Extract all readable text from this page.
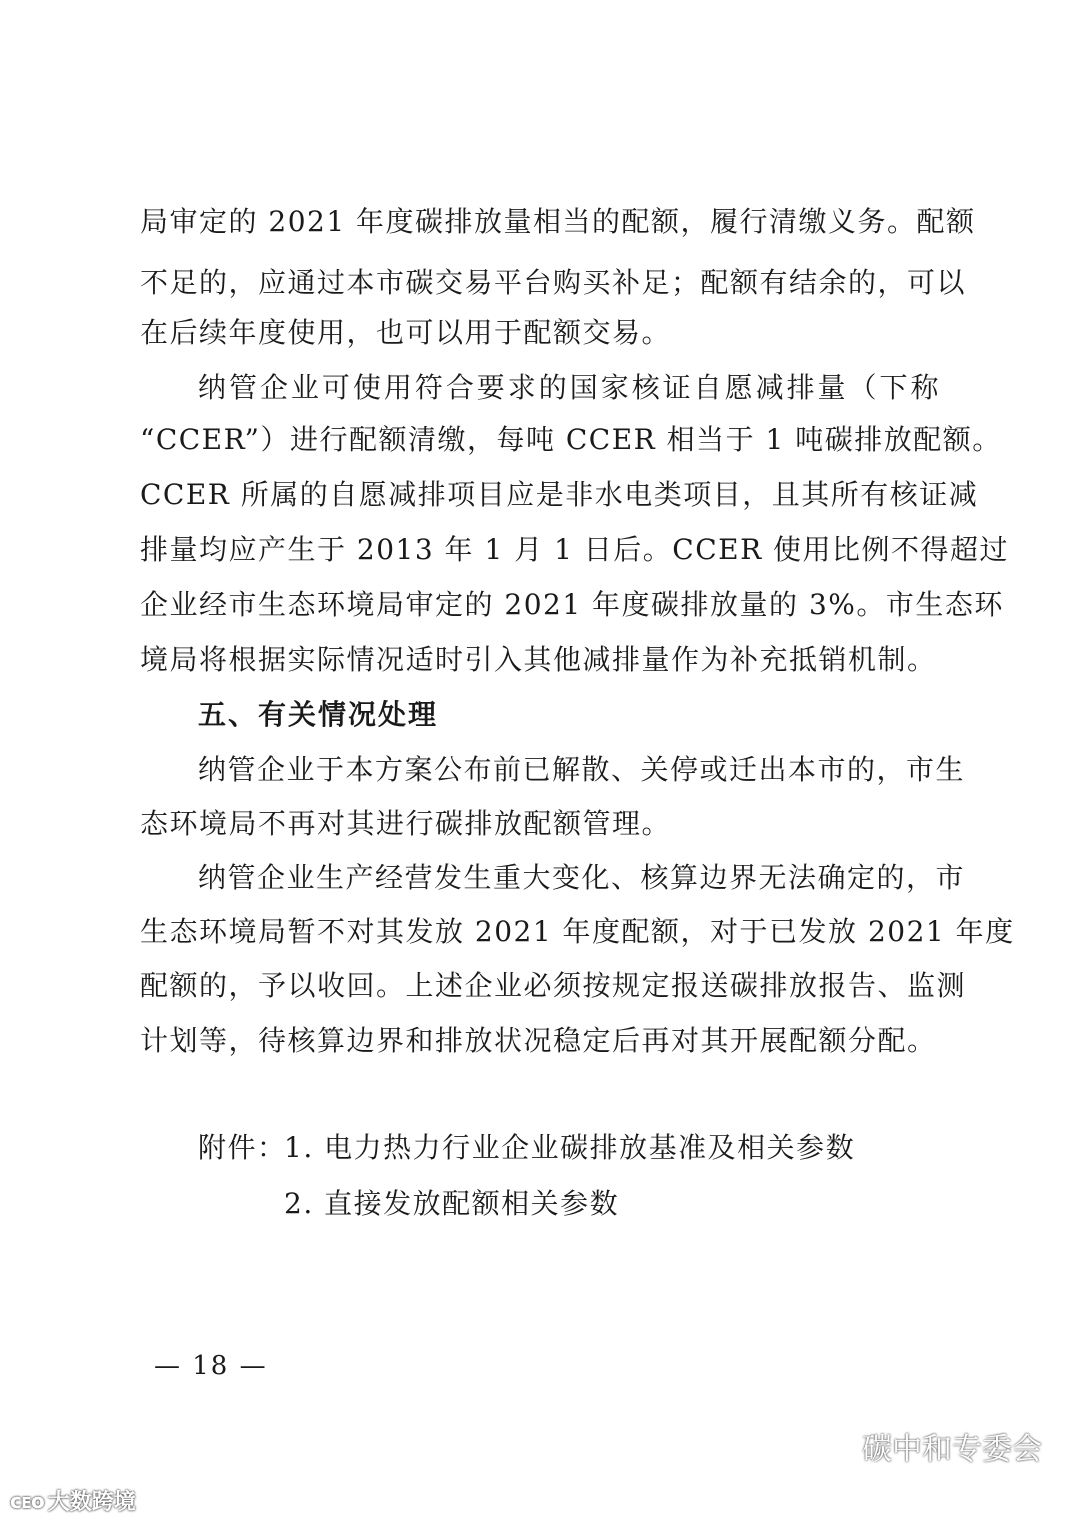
局审定的 2021 年度碳排放量相当的配额，履行清缴义务。配额
不足的，应通过本市碳交易平台购买补足；配额有结余的，可以
在后续年度使用，也可以用于配额交易。
纳管企业可使用符合要求的国家核证自愿减排量（下称
“CCER”）进行配额清缴，每吨 CCER 相当于 1 吨碳排放配额。
CCER 所属的自愿减排项目应是非水电类项目，且其所有核证减
排量均应产生于 2013 年 1 月 1 日后。CCER 使用比例不得超过
企业经市生态环境局审定的 2021 年度碳排放量的 3%。市生态环
境局将根据实际情况适时引入其他减排量作为补充抵销机制。
五、有关情况处理
纳管企业于本方案公布前已解散、关停或迁出本市的，市生
态环境局不再对其进行碳排放配额管理。
纳管企业生产经营发生重大变化、核算边界无法确定的，市
生态环境局暂不对其发放 2021 年度配额，对于已发放 2021 年度
配额的，予以收回。上述企业必须按规定报送碳排放报告、监测
计划等，待核算边界和排放状况稳定后再对其开展配额分配。
附件：
1. 电力热力行业企业碳排放基准及相关参数
2. 直接发放配额相关参数
— 18 —
碳中和专委会
ᴄᴇᴏ 大数跨境
